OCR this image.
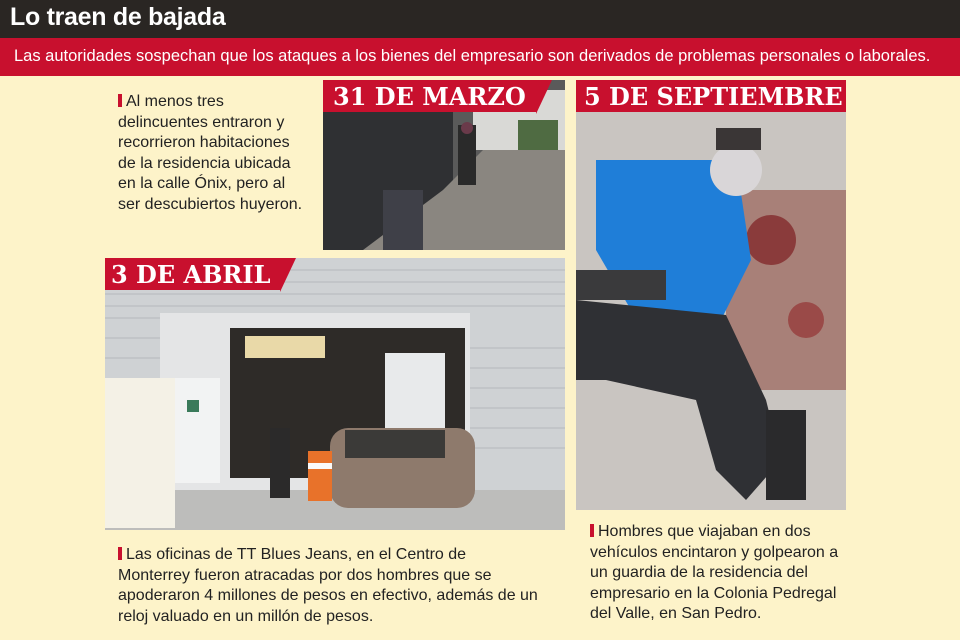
Lo traen de bajada
Las autoridades sospechan que los ataques a los bienes del empresario son derivados de problemas personales o laborales.
Al menos tres delincuentes entraron y recorrieron habitaciones de la residencia ubicada en la calle Ónix, pero al ser descubiertos huyeron.
31 DE MARZO
3 DE ABRIL
Las oficinas de TT Blues Jeans, en el Centro de Monterrey fueron atracadas por dos hombres que se apoderaron 4 millones de pesos en efectivo, además de un reloj valuado en un millón de pesos.
5 DE SEPTIEMBRE
Hombres que viajaban en dos vehículos encintaron y golpearon a un guardia de la residencia del empresario en la Colonia Pedregal del Valle, en San Pedro.
